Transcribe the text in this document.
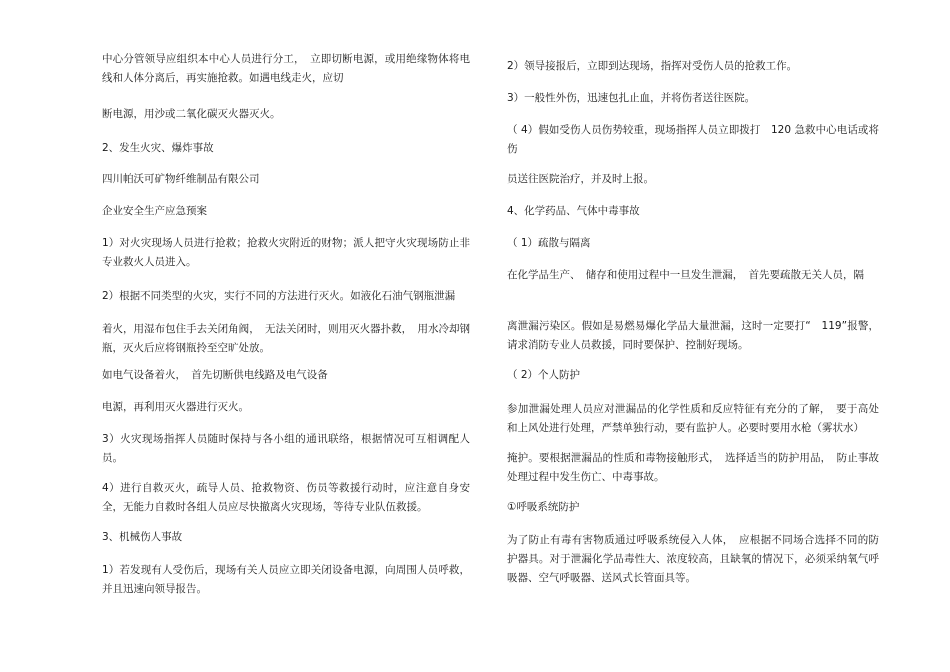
中心分管领导应组织本中心人员进行分工，　立即切断电源，或用绝缘物体将电线和人体分离后，再实施抢救。如遇电线走火，应切

断电源，用沙或二氧化碳灭火器灭火。

2、发生火灾、爆炸事故

四川帕沃可矿物纤维制品有限公司

企业安全生产应急预案

1）对火灾现场人员进行抢救；抢救火灾附近的财物；派人把守火灾现场防止非专业救火人员进入。

2）根据不同类型的火灾，实行不同的方法进行灭火。如液化石油气钢瓶泄漏

着火，用湿布包住手去关闭角阀，　无法关闭时，则用灭火器扑救，　用水冷却钢瓶，灭火后应将钢瓶拎至空旷处放。

如电气设备着火，　首先切断供电线路及电气设备

电源，再利用灭火器进行灭火。

3）火灾现场指挥人员随时保持与各小组的通讯联络，根据情况可互相调配人员。

4）进行自救灭火，疏导人员、抢救物资、伤员等救援行动时，应注意自身安全，无能力自救时各组人员应尽快撤离火灾现场，等待专业队伍救援。

3、机械伤人事故

1）若发现有人受伤后，现场有关人员应立即关闭设备电源，向周围人员呼救，并且迅速向领导报告。

2）领导接报后，立即到达现场，指挥对受伤人员的抢救工作。

3）一般性外伤，迅速包扎止血，并将伤者送往医院。

（ 4）假如受伤人员伤势较重，现场指挥人员立即拨打　120 急救中心电话或将伤

员送往医院治疗，并及时上报。

4、化学药品、气体中毒事故

（ 1）疏散与隔离

在化学品生产、　储存和使用过程中一旦发生泄漏，　首先要疏散无关人员，隔

离泄漏污染区。假如是易燃易爆化学品大量泄漏，这时一定要打“　119”报警，请求消防专业人员救援，同时要保护、控制好现场。

（ 2）个人防护

参加泄漏处理人员应对泄漏品的化学性质和反应特征有充分的了解，　要于高处和上风处进行处理，严禁单独行动，要有监护人。必要时要用水枪（雾状水）

掩护。要根据泄漏品的性质和毒物接触形式，　选择适当的防护用品，　防止事故处理过程中发生伤亡、中毒事故。

①呼吸系统防护

为了防止有毒有害物质通过呼吸系统侵入人体，　应根据不同场合选择不同的防护器具。对于泄漏化学品毒性大、浓度较高，且缺氧的情况下，必须采纳氧气呼吸器、空气呼吸器、送风式长管面具等。
